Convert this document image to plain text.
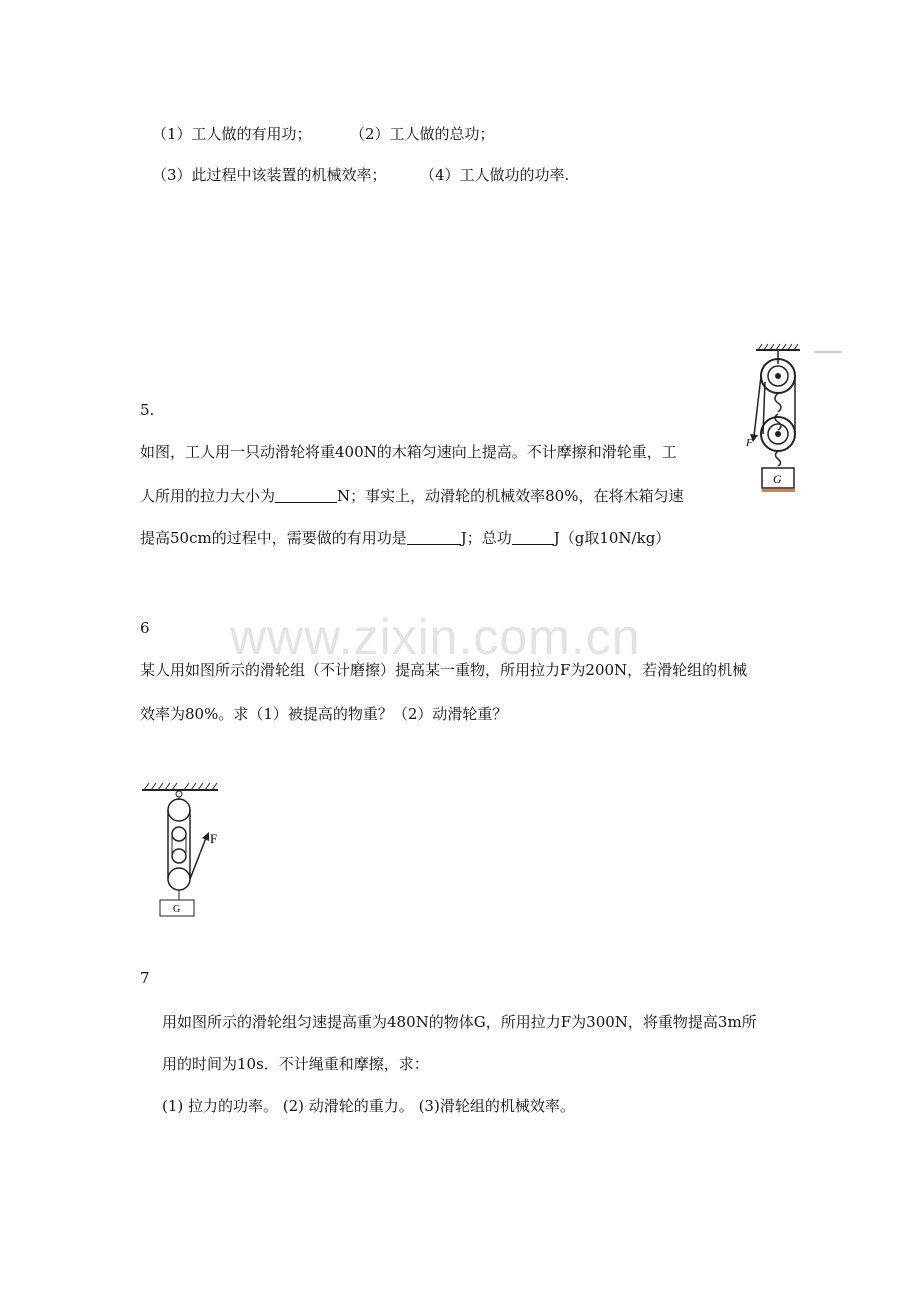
www.zixin.com.cn
（1）工人做的有用功；	（2）工人做的总功；
（3）此过程中该装置的机械效率； （4）工人做功的功率.
5.
如图，工人用一只动滑轮将重400N的木箱匀速向上提高。不计摩擦和滑轮重，工
人所用的拉力大小为	N；事实上，动滑轮的机械效率80%，在将木箱匀速
提高50cm的过程中，需要做的有用功是	J；总功	J（g取10N/kg）
F
G
6
某人用如图所示的滑轮组（不计磨擦）提高某一重物，所用拉力F为200N，若滑轮组的机械
效率为80%。求（1）被提高的物重？（2）动滑轮重？
F
G
7
用如图所示的滑轮组匀速提高重为480N的物体G，所用拉力F为300N，将重物提高3m所
用的时间为10s．不计绳重和摩擦，求：
(1) 拉力的功率。 (2) 动滑轮的重力。 (3)滑轮组的机械效率。
